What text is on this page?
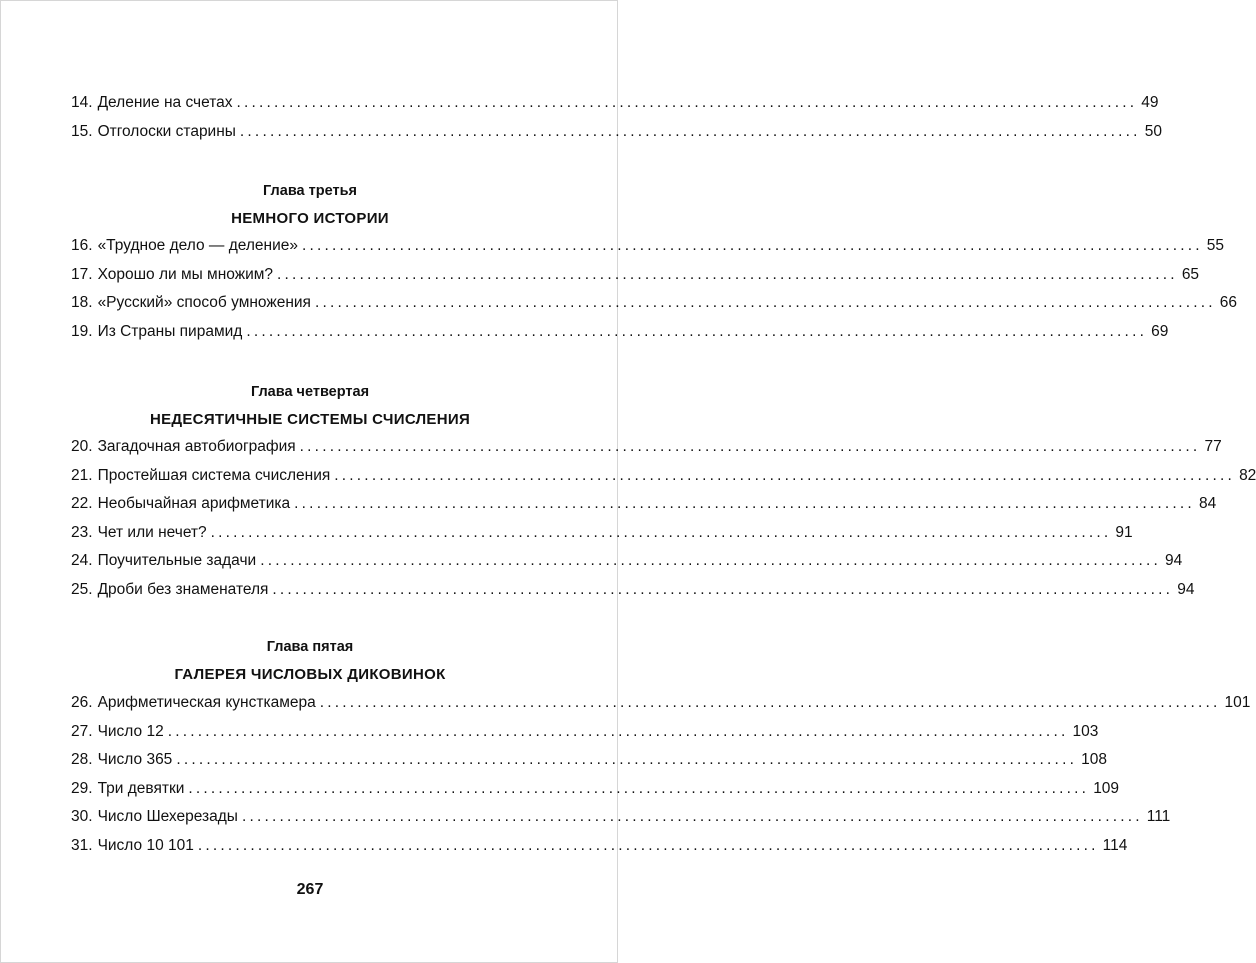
14. Деление на счетах ........................................................................................................................ 49
15. Отголоски старины ........................................................................................................................ 50
Глава третья
НЕМНОГО ИСТОРИИ
16. «Трудное дело — деление» ........................................................................................................................ 55
17. Хорошо ли мы множим? ........................................................................................................................ 65
18. «Русский» способ умножения ........................................................................................................................ 66
19. Из Страны пирамид ........................................................................................................................ 69
Глава четвертая
НЕДЕСЯТИЧНЫЕ СИСТЕМЫ СЧИСЛЕНИЯ
20. Загадочная автобиография ........................................................................................................................ 77
21. Простейшая система счисления ........................................................................................................................ 82
22. Необычайная арифметика ........................................................................................................................ 84
23. Чет или нечет? ........................................................................................................................ 91
24. Поучительные задачи ........................................................................................................................ 94
25. Дроби без знаменателя ........................................................................................................................ 94
Глава пятая
ГАЛЕРЕЯ ЧИСЛОВЫХ ДИКОВИНОК
26. Арифметическая кунсткамера ........................................................................................................................ 101
27. Число 12 ........................................................................................................................ 103
28. Число 365 ........................................................................................................................ 108
29. Три девятки ........................................................................................................................ 109
30. Число Шехерезады ........................................................................................................................ 111
31. Число 10 101 ........................................................................................................................ 114
267
